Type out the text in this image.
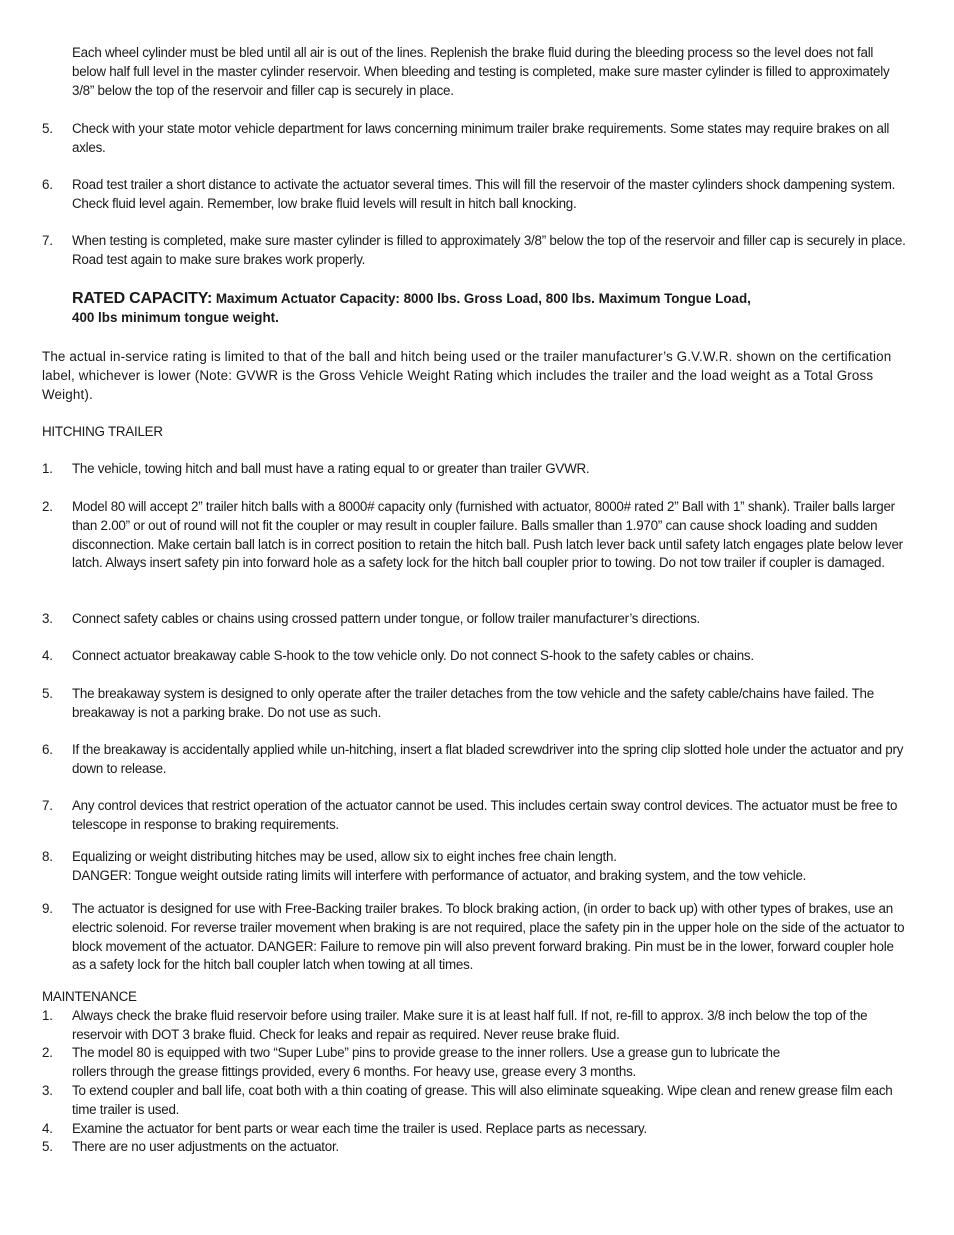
Each wheel cylinder must be bled until all air is out of the lines. Replenish the brake fluid during the bleeding process so the level does not fall below half full level in the master cylinder reservoir. When bleeding and testing is completed, make sure master cylinder is filled to approximately 3/8” below the top of the reservoir and filler cap is securely in place.
5.	Check with your state motor vehicle department for laws concerning minimum trailer brake requirements. Some states may require brakes on all axles.
6.	Road test trailer a short distance to activate the actuator several times. This will fill the reservoir of the master cylinders shock dampening system. Check fluid level again. Remember, low brake fluid levels will result in hitch ball knocking.
7.	When testing is completed, make sure master cylinder is filled to approximately 3/8” below the top of the reservoir and filler cap is securely in place. Road test again to make sure brakes work properly.
RATED CAPACITY: Maximum Actuator Capacity: 8000 lbs. Gross Load, 800 lbs. Maximum Tongue Load,
400 lbs minimum tongue weight.
The actual in-service rating is limited to that of the ball and hitch being used or the trailer manufacturer’s G.V.W.R. shown on the certification label, whichever is lower (Note: GVWR is the Gross Vehicle Weight Rating which includes the trailer and the load weight as a Total Gross Weight).
HITCHING TRAILER
1.	The vehicle, towing hitch and ball must have a rating equal to or greater than trailer GVWR.
2.	Model 80 will accept 2” trailer hitch balls with a 8000# capacity only (furnished with actuator, 8000# rated 2” Ball with 1” shank). Trailer balls larger than 2.00” or out of round will not fit the coupler or may result in coupler failure. Balls smaller than 1.970” can cause shock loading and sudden disconnection. Make certain ball latch is in correct position to retain the hitch ball. Push latch lever back until safety latch engages plate below lever latch. Always insert safety pin into forward hole as a safety lock for the hitch ball coupler prior to towing. Do not tow trailer if coupler is damaged.
3.	Connect safety cables or chains using crossed pattern under tongue, or follow trailer manufacturer’s directions.
4.	Connect actuator breakaway cable S-hook to the tow vehicle only. Do not connect S-hook to the safety cables or chains.
5.	The breakaway system is designed to only operate after the trailer detaches from the tow vehicle and the safety cable/chains have failed. The breakaway is not a parking brake. Do not use as such.
6.	If the breakaway is accidentally applied while un-hitching, insert a flat bladed screwdriver into the spring clip slotted hole under the actuator and pry down to release.
7.	Any control devices that restrict operation of the actuator cannot be used. This includes certain sway control devices. The actuator must be free to telescope in response to braking requirements.
8.	Equalizing or weight distributing hitches may be used, allow six to eight inches free chain length.
DANGER: Tongue weight outside rating limits will interfere with performance of actuator, and braking system, and the tow vehicle.
9.	The actuator is designed for use with Free-Backing trailer brakes. To block braking action, (in order to back up) with other types of brakes, use an electric solenoid. For reverse trailer movement when braking is are not required, place the safety pin in the upper hole on the side of the actuator to block movement of the actuator. DANGER: Failure to remove pin will also prevent forward braking. Pin must be in the lower, forward coupler hole as a safety lock for the hitch ball coupler latch when towing at all times.
MAINTENANCE
1.	Always check the brake fluid reservoir before using trailer. Make sure it is at least half full. If not, re-fill to approx. 3/8 inch below the top of the reservoir with DOT 3 brake fluid. Check for leaks and repair as required. Never reuse brake fluid.
2.	The model 80 is equipped with two “Super Lube” pins to provide grease to the inner rollers. Use a grease gun to lubricate the
rollers through the grease fittings provided, every 6 months. For heavy use, grease every 3 months.
3.	To extend coupler and ball life, coat both with a thin coating of grease. This will also eliminate squeaking. Wipe clean and renew grease film each time trailer is used.
4.	Examine the actuator for bent parts or wear each time the trailer is used. Replace parts as necessary.
5.	There are no user adjustments on the actuator.
